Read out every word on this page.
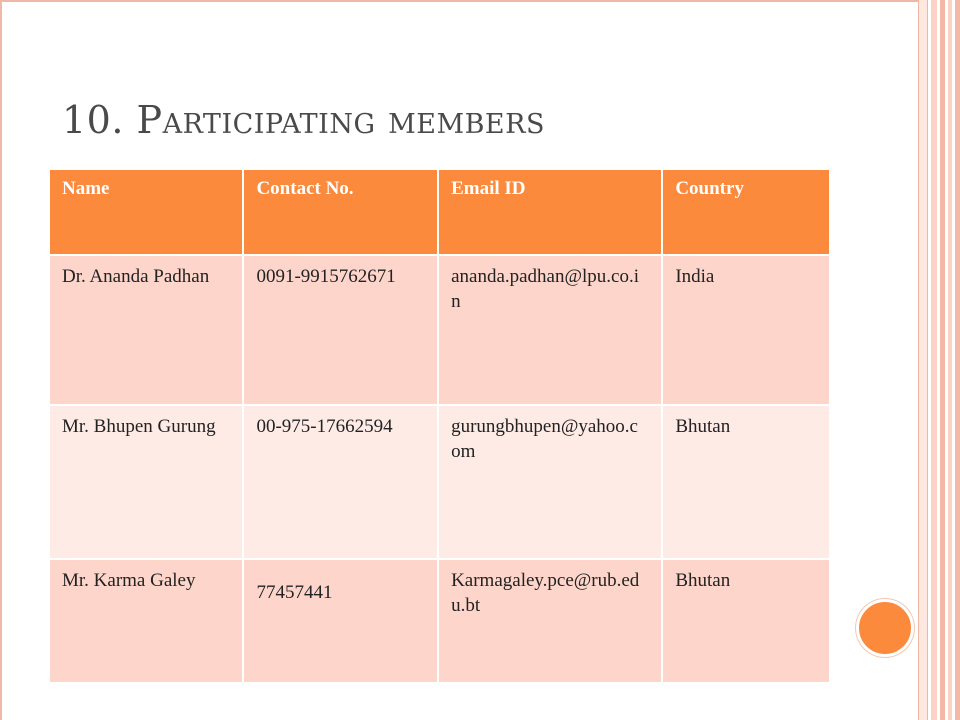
10. Participating members
Name	Contact No.	Email ID	Country
Dr. Ananda Padhan	0091-9915762671	ananda.padhan@lpu.co.in	India
Mr. Bhupen Gurung	00-975-17662594	gurungbhupen@yahoo.com	Bhutan
Mr. Karma Galey	77457441	Karmagaley.pce@rub.edu.bt	Bhutan
